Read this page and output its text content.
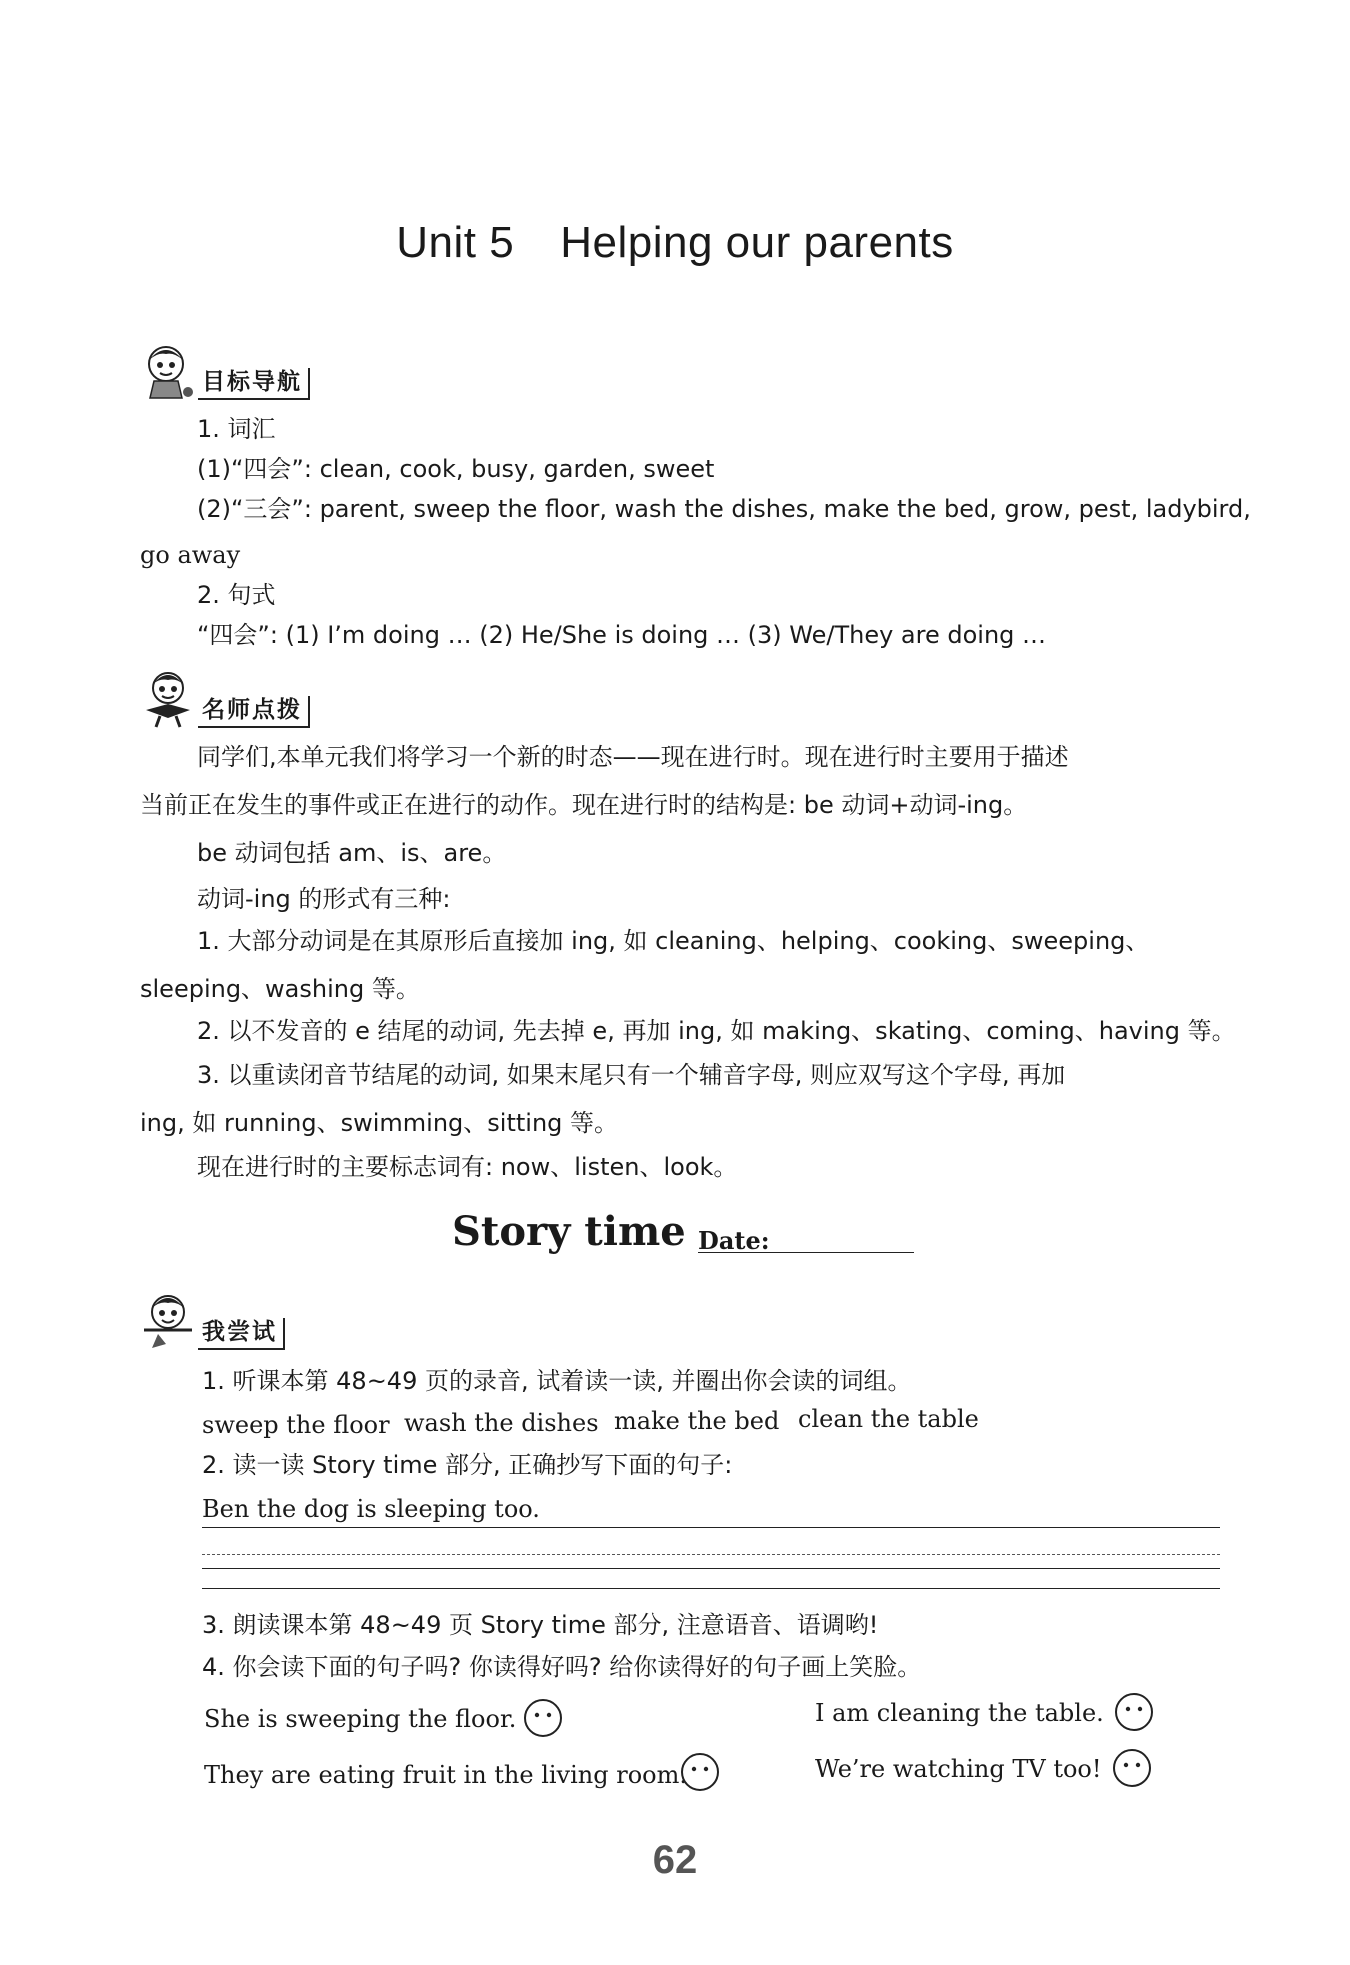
Unit 5 Helping our parents
目标导航
1. 词汇
(1)“四会”: clean, cook, busy, garden, sweet
(2)“三会”: parent, sweep the floor, wash the dishes, make the bed, grow, pest, ladybird,
go away
2. 句式
“四会”: (1) I’m doing … (2) He/She is doing … (3) We/They are doing …
名师点拨
同学们,本单元我们将学习一个新的时态——现在进行时。现在进行时主要用于描述
当前正在发生的事件或正在进行的动作。现在进行时的结构是: be 动词+动词-ing。
be 动词包括 am、is、are。
动词-ing 的形式有三种:
1. 大部分动词是在其原形后直接加 ing, 如 cleaning、helping、cooking、sweeping、
sleeping、washing 等。
2. 以不发音的 e 结尾的动词, 先去掉 e, 再加 ing, 如 making、skating、coming、having 等。
3. 以重读闭音节结尾的动词, 如果末尾只有一个辅音字母, 则应双写这个字母, 再加
ing, 如 running、swimming、sitting 等。
现在进行时的主要标志词有: now、listen、look。
Story time Date:
我尝试
1. 听课本第 48~49 页的录音, 试着读一读, 并圈出你会读的词组。
sweep the floor wash the dishes make the bed clean the table
2. 读一读 Story time 部分, 正确抄写下面的句子:
Ben the dog is sleeping too.
3. 朗读课本第 48~49 页 Story time 部分, 注意语音、语调哟!
4. 你会读下面的句子吗? 你读得好吗? 给你读得好的句子画上笑脸。
She is sweeping the floor.	I am cleaning the table.
They are eating fruit in the living room.	We’re watching TV too!
62
